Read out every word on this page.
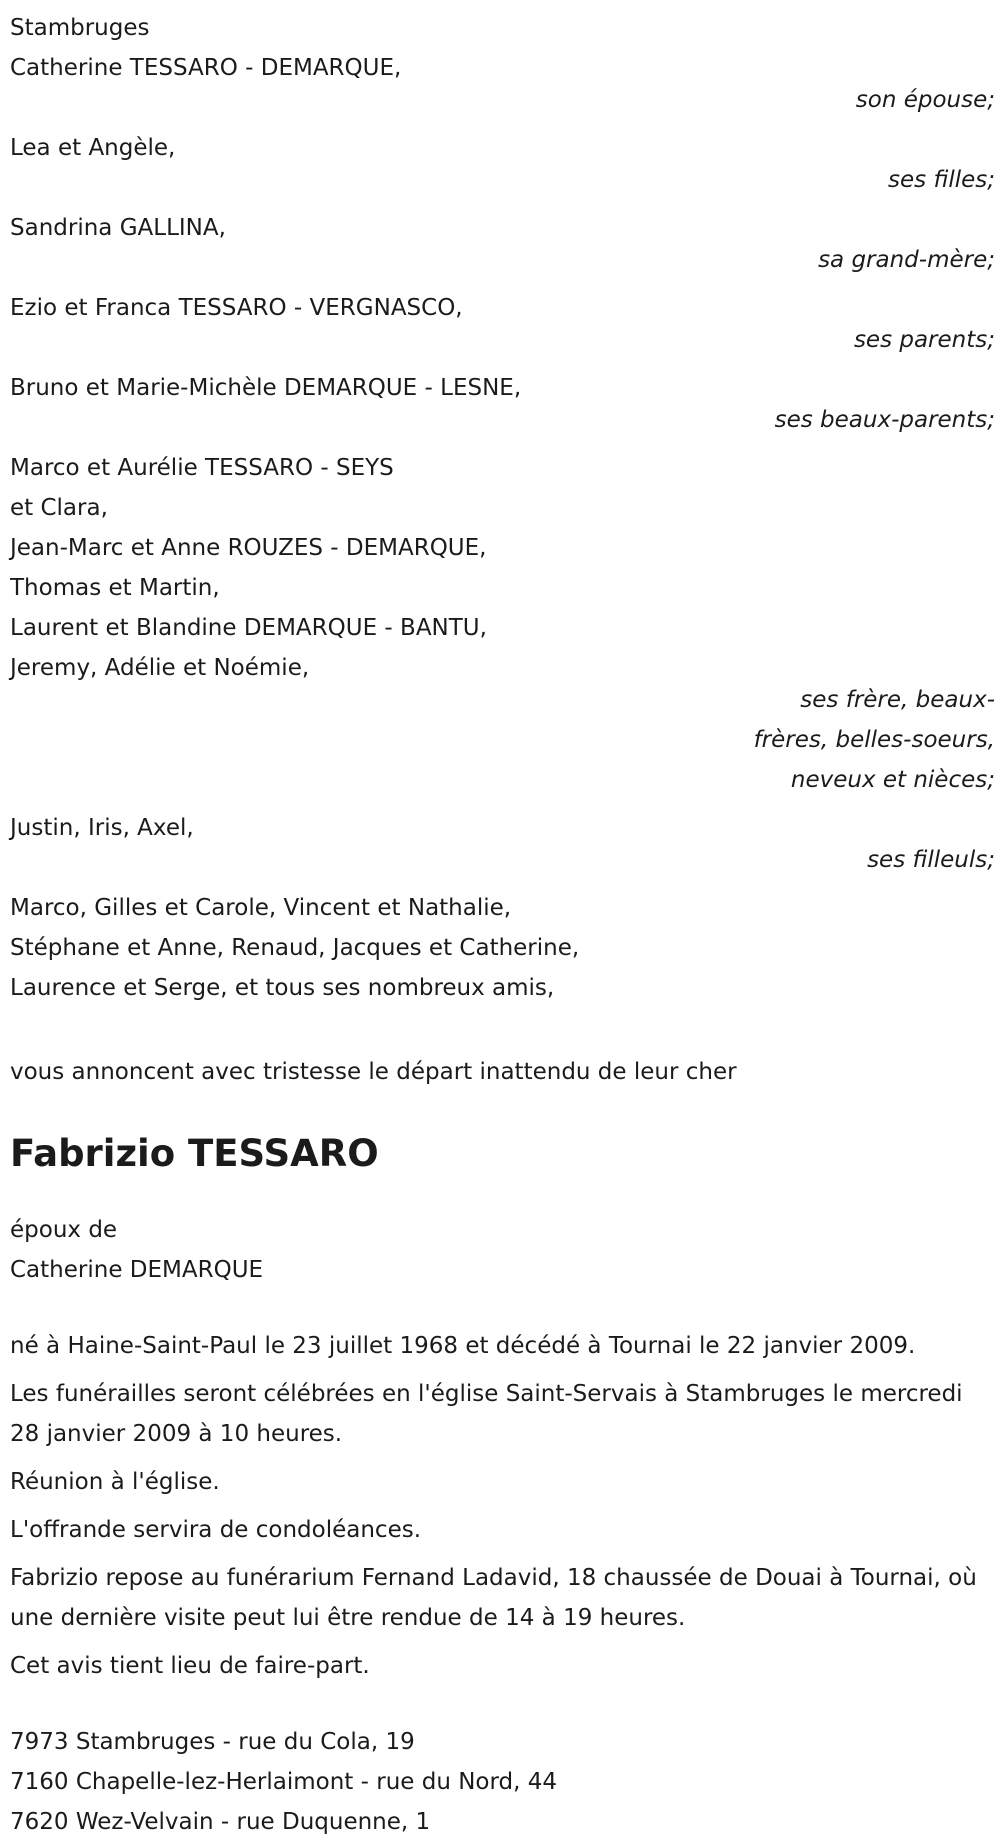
Stambruges

Catherine TESSARO - DEMARQUE,

son épouse;

Lea et Angèle,

ses filles;

Sandrina GALLINA,

sa grand-mère;

Ezio et Franca TESSARO - VERGNASCO,

ses parents;

Bruno et Marie-Michèle DEMARQUE - LESNE,

ses beaux-parents;

Marco et Aurélie TESSARO - SEYS

et Clara,

Jean-Marc et Anne ROUZES - DEMARQUE,

Thomas et Martin,

Laurent et Blandine DEMARQUE - BANTU,

Jeremy, Adélie et Noémie,

ses frère, beaux-frères, belles-soeurs, neveux et nièces;

Justin, Iris, Axel,

ses filleuls;

Marco, Gilles et Carole, Vincent et Nathalie,

Stéphane et Anne, Renaud, Jacques et Catherine,

Laurence et Serge, et tous ses nombreux amis,

vous annoncent avec tristesse le départ inattendu de leur cher

Fabrizio TESSARO

époux de

Catherine DEMARQUE

né à Haine-Saint-Paul le 23 juillet 1968 et décédé à Tournai le 22 janvier 2009.

Les funérailles seront célébrées en l'église Saint-Servais à Stambruges le mercredi 28 janvier 2009 à 10 heures.

Réunion à l'église.

L'offrande servira de condoléances.

Fabrizio repose au funérarium Fernand Ladavid, 18 chaussée de Douai à Tournai, où une dernière visite peut lui être rendue de 14 à 19 heures.

Cet avis tient lieu de faire-part.

7973 Stambruges - rue du Cola, 19

7160 Chapelle-lez-Herlaimont - rue du Nord, 44

7620 Wez-Velvain - rue Duquenne, 1
